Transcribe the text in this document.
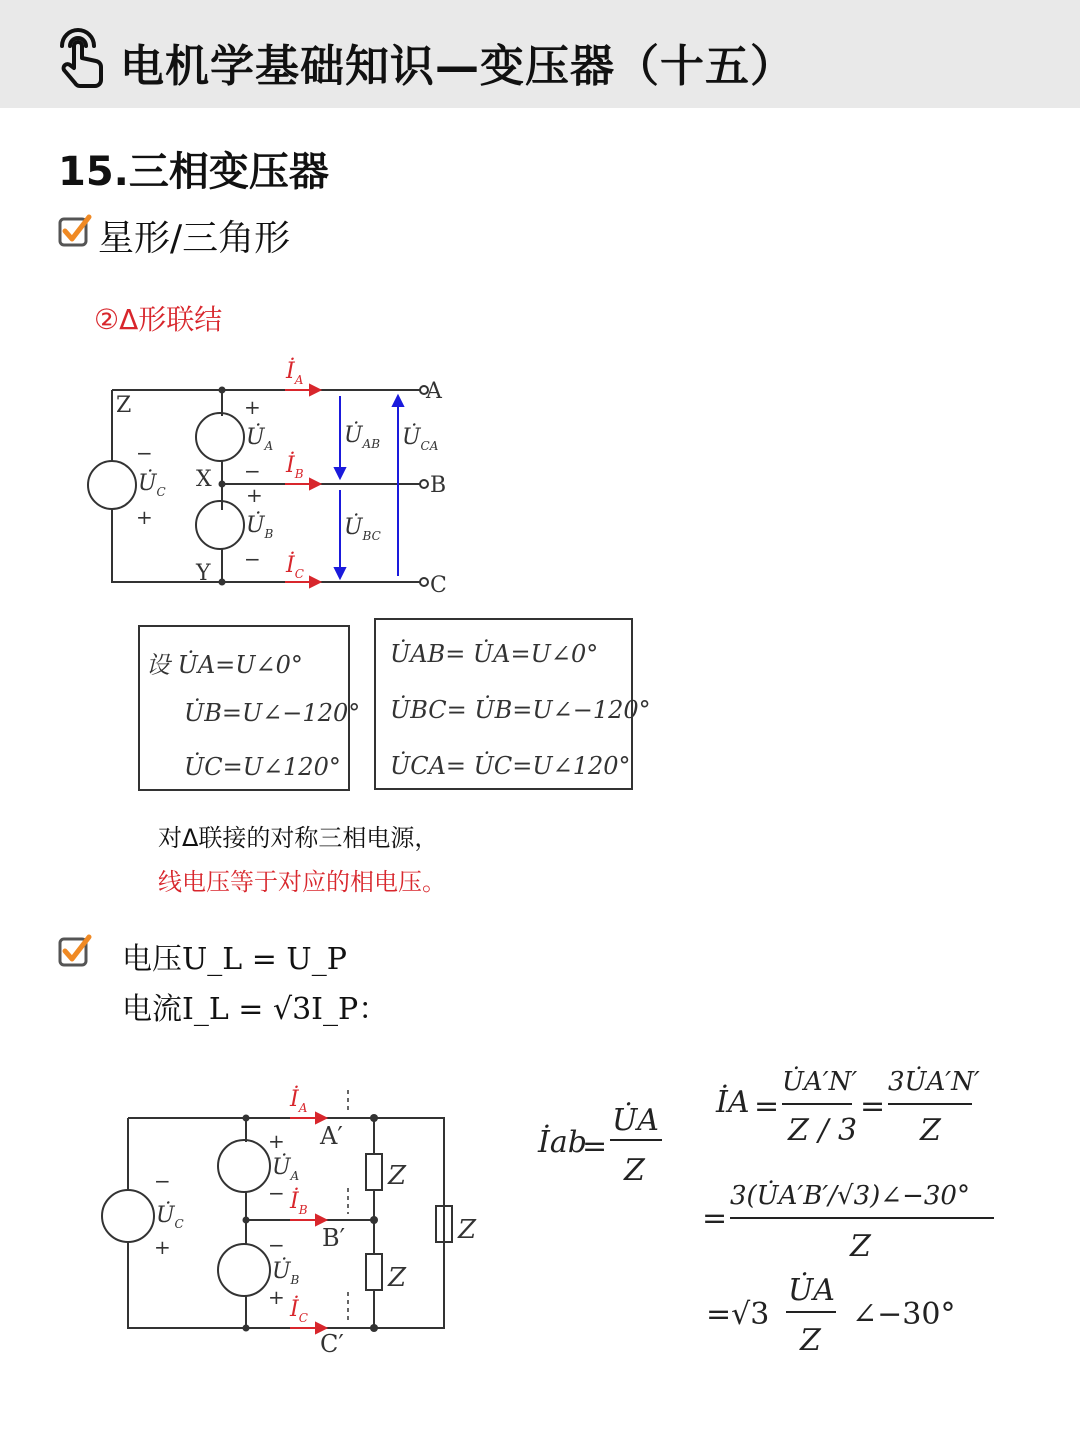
电机学基础知识—变压器（十五）
15.三相变压器
星形/三角形
②Δ形联结
A
B
C
Z
X
Y
+
−
+
−
−
+
$U̇_A$
$U̇_B$
$U̇_C$
$U̇_{AB}$
$U̇_{BC}$
$U̇_{CA}$
$İ_A$
$İ_B$
$İ_C$
设 U̇A=U∠0°
U̇B=U∠−120°
U̇C=U∠120°
U̇AB= U̇A=U∠0°
U̇BC= U̇B=U∠−120°
U̇CA= U̇C=U∠120°
对Δ联接的对称三相电源，
线电压等于对应的相电压。
电压U_L = U_P
电流I_L = √3I_P：
A′
B′
C′
Z
Z
Z
+
−
−
+
−
+
$U̇_A$
$U̇_B$
$U̇_C$
$İ_A$
$İ_B$
$İ_C$
İab
=
U̇A
Z
İA =
U̇A′N′
Z / 3
=
3U̇A′N′
Z
=
3(U̇A′B′/√3)∠−30°
Z
=√3
U̇A
Z
∠−30°
